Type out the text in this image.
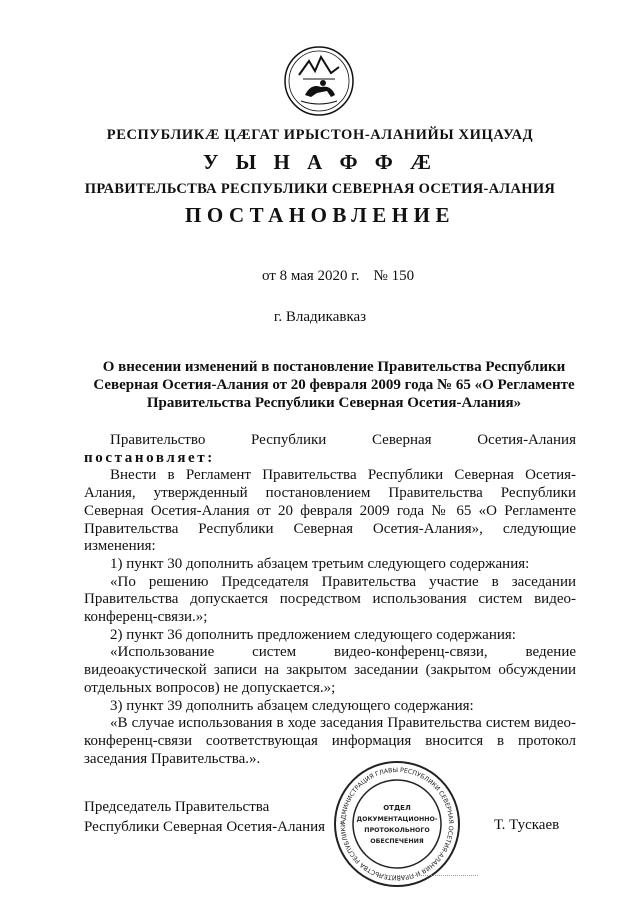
РЕСПУБЛИКӔ ЦӔГАТ ИРЫСТОН-АЛАНИЙЫ ХИЦАУАД
У Ы Н А Ф Ф Ӕ
ПРАВИТЕЛЬСТВА РЕСПУБЛИКИ СЕВЕРНАЯ ОСЕТИЯ-АЛАНИЯ
ПОСТАНОВЛЕНИЕ
от 8 мая 2020 г. № 150
г. Владикавказ
О внесении изменений в постановление Правительства Республики Северная Осетия-Алания от 20 февраля 2009 года № 65 «О Регламенте Правительства Республики Северная Осетия-Алания»
Правительство	Республики	Северная	Осетия-Алания

постановляет:

Внести в Регламент Правительства Республики Северная Осетия-Алания, утвержденный постановлением Правительства Республики Северная Осетия-Алания от 20 февраля 2009 года № 65 «О Регламенте Правительства Республики Северная Осетия-Алания», следующие изменения:

1) пункт 30 дополнить абзацем третьим следующего содержания:

«По решению Председателя Правительства участие в заседании Правительства допускается посредством использования систем видео-конференц-связи.»;

2) пункт 36 дополнить предложением следующего содержания:

«Использование систем видео-конференц-связи, ведение видеоакустической записи на закрытом заседании (закрытом обсуждении отдельных вопросов) не допускается.»;

3) пункт 39 дополнить абзацем следующего содержания:

«В случае использования в ходе заседания Правительства систем видео-конференц-связи соответствующая информация вносится в протокол заседания Правительства.».

Председатель Правительства
Республики Северная Осетия-Алания	АДМИНИСТРАЦИЯ ГЛАВЫ РЕСПУБЛИКИ СЕВЕРНАЯ ОСЕТИЯ-АЛАНИЯ И ПРАВИТЕЛЬСТВА РЕСПУБЛИКИ
ОТДЕЛ
ДОКУМЕНТАЦИОННО-
ПРОТОКОЛЬНОГО
ОБЕСПЕЧЕНИЯ
Т. Тускаев
